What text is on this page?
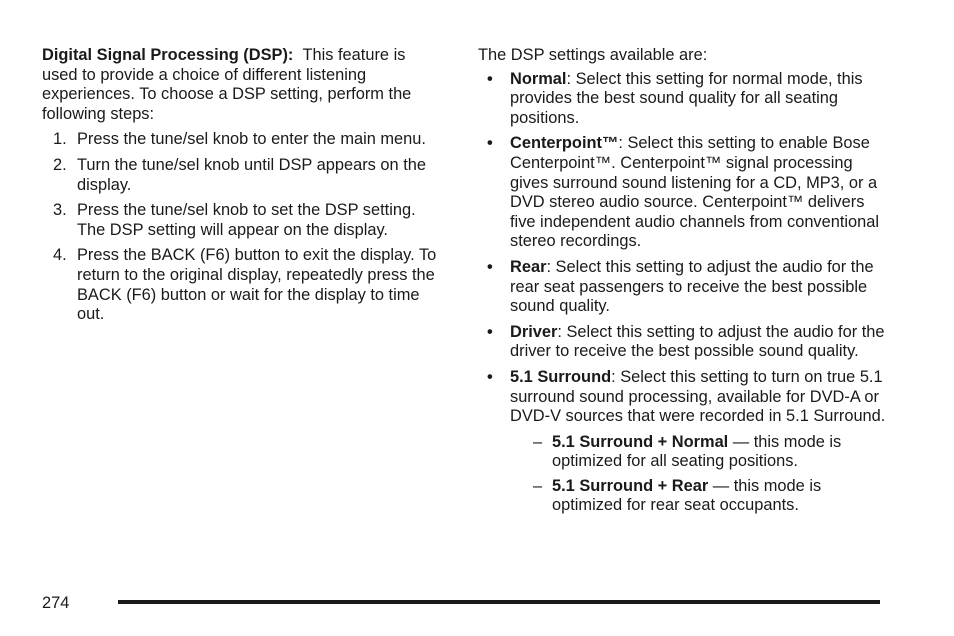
Digital Signal Processing (DSP): This feature is used to provide a choice of different listening experiences. To choose a DSP setting, perform the following steps:

1. Press the tune/sel knob to enter the main menu.
2. Turn the tune/sel knob until DSP appears on the display.
3. Press the tune/sel knob to set the DSP setting. The DSP setting will appear on the display.
4. Press the BACK (F6) button to exit the display. To return to the original display, repeatedly press the BACK (F6) button or wait for the display to time out.

The DSP settings available are:

• Normal: Select this setting for normal mode, this provides the best sound quality for all seating positions.
• Centerpoint™: Select this setting to enable Bose Centerpoint™. Centerpoint™ signal processing gives surround sound listening for a CD, MP3, or a DVD stereo audio source. Centerpoint™ delivers five independent audio channels from conventional stereo recordings.
• Rear: Select this setting to adjust the audio for the rear seat passengers to receive the best possible sound quality.
• Driver: Select this setting to adjust the audio for the driver to receive the best possible sound quality.
• 5.1 Surround: Select this setting to turn on true 5.1 surround sound processing, available for DVD-A or DVD-V sources that were recorded in 5.1 Surround.
– 5.1 Surround + Normal — this mode is optimized for all seating positions.
– 5.1 Surround + Rear — this mode is optimized for rear seat occupants.
274
